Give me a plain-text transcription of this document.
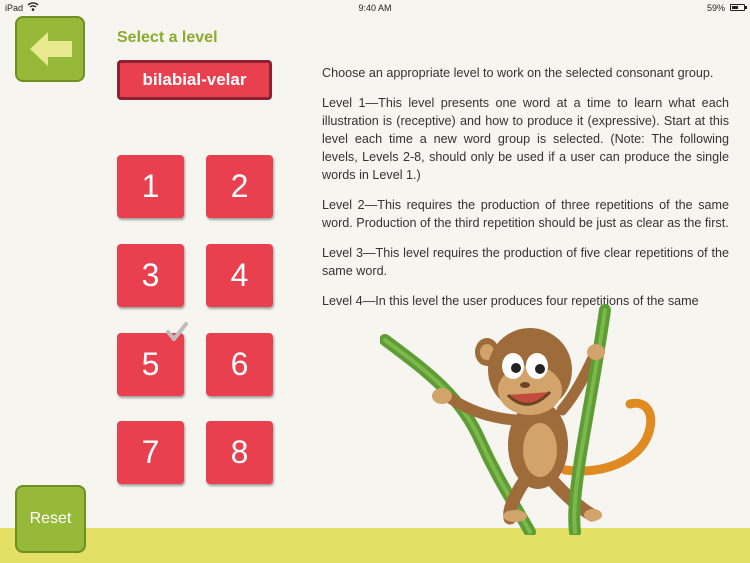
iPad	9:40 AM	59%
Select a level
bilabial-velar
1	2
3	4
5	6
7	8

Choose an appropriate level to work on the selected consonant group.

Level 1—This level presents one word at a time to learn what each illustration is (receptive) and how to produce it (expressive). Start at this level each time a new word group is selected. (Note: The following levels, Levels 2-8, should only be used if a user can produce the single words in Level 1.)

Level 2—This requires the production of three repetitions of the same word. Production of the third repetition should be just as clear as the first.

Level 3—This level requires the production of five clear repetitions of the same word.

Level 4—In this level the user produces four repetitions of the same

Reset
